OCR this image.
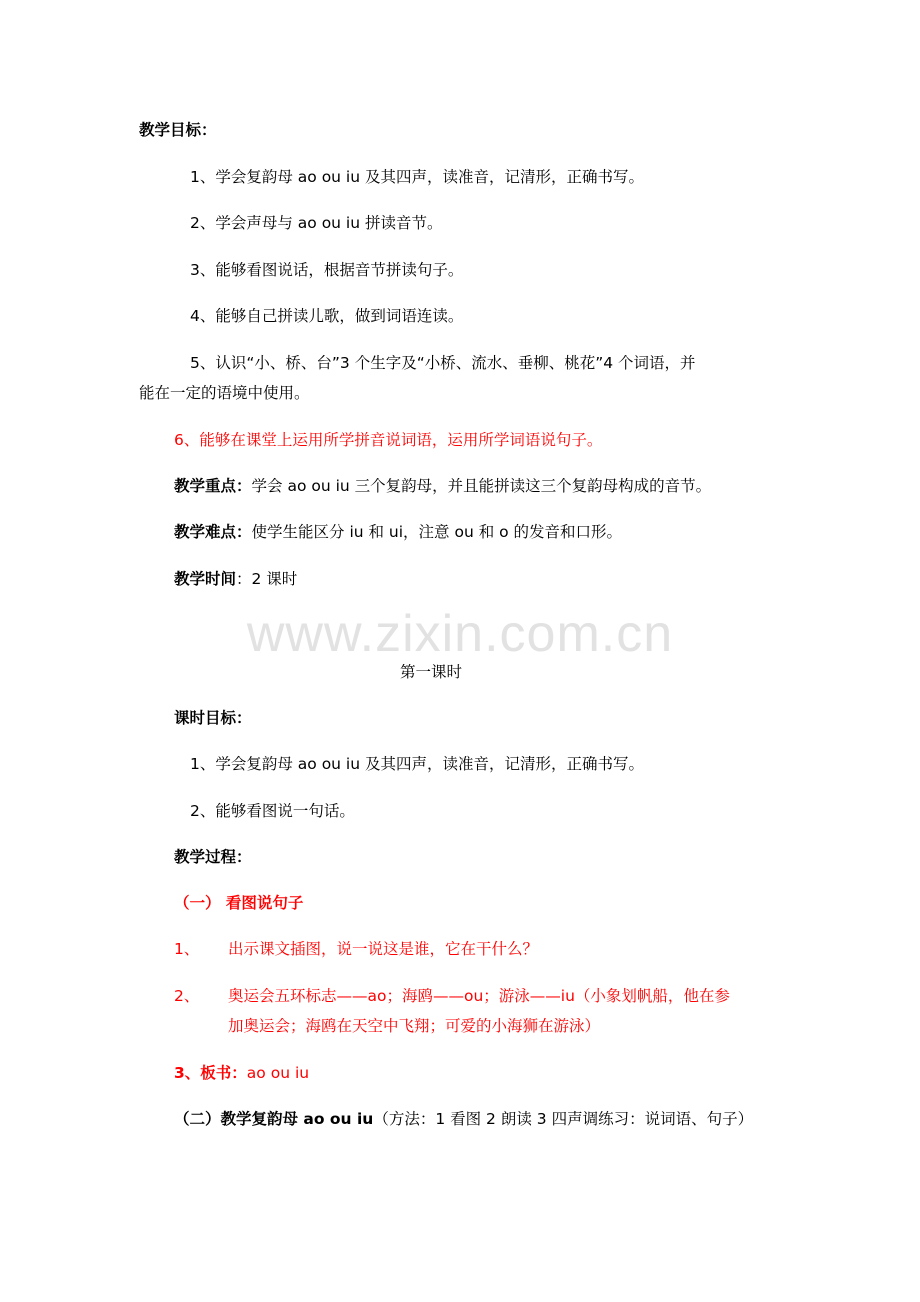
www.zixin.com.cn
教学目标：
1、学会复韵母 ao ou iu 及其四声，读准音，记清形，正确书写。
2、学会声母与 ao ou iu 拼读音节。
3、能够看图说话，根据音节拼读句子。
4、能够自己拼读儿歌，做到词语连读。
5、认识“小、桥、台”3 个生字及“小桥、流水、垂柳、桃花”4 个词语，并
能在一定的语境中使用。
6、能够在课堂上运用所学拼音说词语，运用所学词语说句子。
教学重点：学会 ao ou iu 三个复韵母，并且能拼读这三个复韵母构成的音节。
教学难点：使学生能区分 iu 和 ui，注意 ou 和 o 的发音和口形。
教学时间：2 课时
第一课时
课时目标：
1、学会复韵母 ao ou iu 及其四声，读准音，记清形，正确书写。
2、能够看图说一句话。
教学过程：
（一） 看图说句子
1、 出示课文插图，说一说这是谁，它在干什么？
2、 奥运会五环标志——ao；海鸥——ou；游泳——iu（小象划帆船，他在参
加奥运会；海鸥在天空中飞翔；可爱的小海狮在游泳）
3、板书：ao ou iu
（二）教学复韵母 ao ou iu（方法：1 看图 2 朗读 3 四声调练习：说词语、句子）
